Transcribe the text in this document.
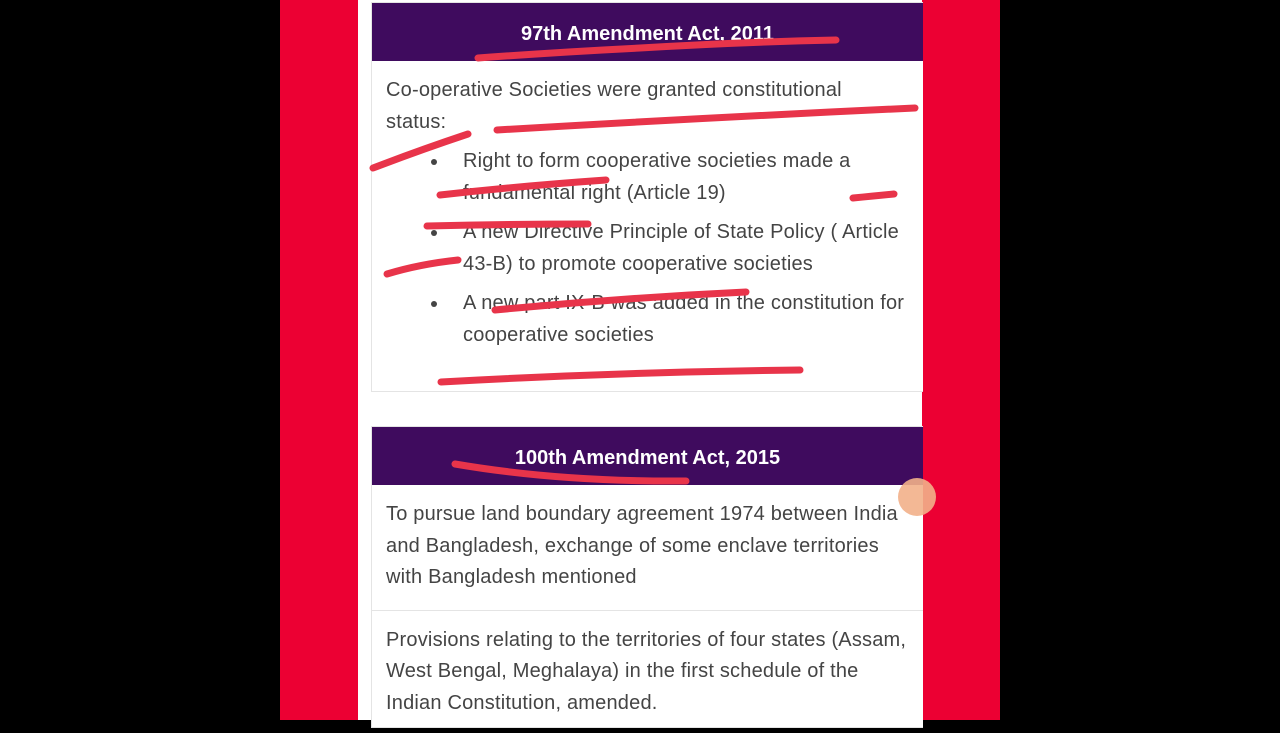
97th Amendment Act, 2011
Co-operative Societies were granted constitutional status:
• Right to form cooperative societies made a fundamental right (Article 19)
• A new Directive Principle of State Policy ( Article 43-B) to promote cooperative societies
• A new part IX-B was added in the constitution for cooperative societies
100th Amendment Act, 2015
To pursue land boundary agreement 1974 between India and Bangladesh, exchange of some enclave territories with Bangladesh mentioned
Provisions relating to the territories of four states (Assam, West Bengal, Meghalaya) in the first schedule of the Indian Constitution, amended.
